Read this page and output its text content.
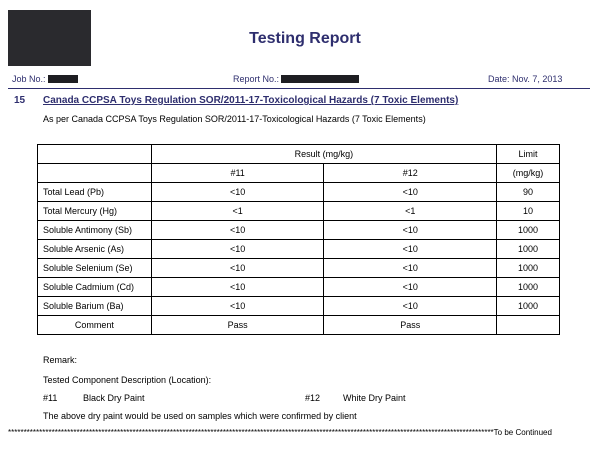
Testing Report
Job No.:	Report No.:	Date: Nov. 7, 2013
15 Canada CCPSA Toys Regulation SOR/2011-17-Toxicological Hazards (7 Toxic Elements)
As per Canada CCPSA Toys Regulation SOR/2011-17-Toxicological Hazards (7 Toxic Elements)
	Result (mg/kg)		Limit
	#11	#12	(mg/kg)
Total Lead (Pb)	<10	<10	90
Total Mercury (Hg)	<1	<1	10
Soluble Antimony (Sb)	<10	<10	1000
Soluble Arsenic (As)	<10	<10	1000
Soluble Selenium (Se)	<10	<10	1000
Soluble Cadmium (Cd)	<10	<10	1000
Soluble Barium (Ba)	<10	<10	1000
Comment	Pass	Pass	
Remark:
Tested Component Description (Location):
#11	Black Dry Paint	#12	White Dry Paint
The above dry paint would be used on samples which were confirmed by client
************************************************************************************************************************************************************To be Continued
